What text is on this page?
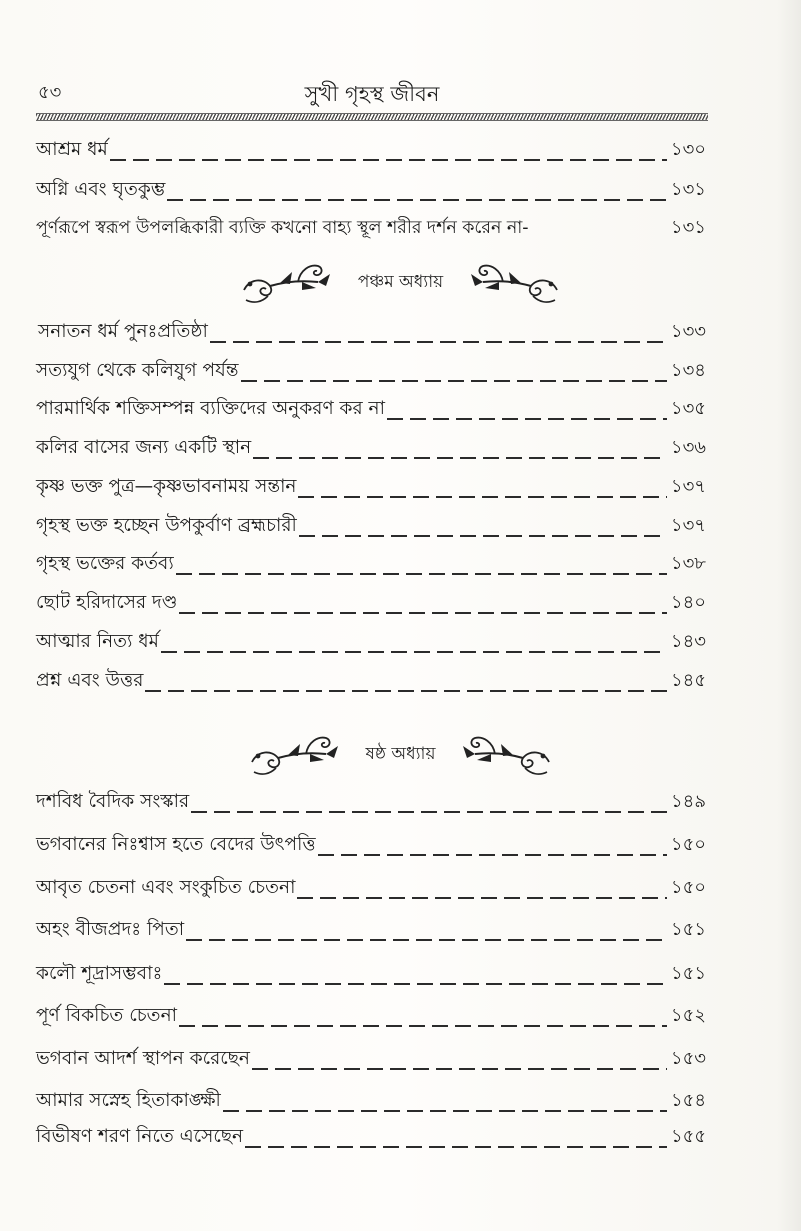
৫৩	সুখী গৃহস্থ জীবন
আশ্রম ধর্ম	১৩০
অগ্নি এবং ঘৃতকুম্ভ	১৩১
পূর্ণরূপে স্বরূপ উপলব্ধিকারী ব্যক্তি কখনো বাহ্য স্থূল শরীর দর্শন করেন না-	১৩১
পঞ্চম অধ্যায়
সনাতন ধর্ম পুনঃপ্রতিষ্ঠা	১৩৩
সত্যযুগ থেকে কলিযুগ পর্যন্ত	১৩৪
পারমার্থিক শক্তিসম্পন্ন ব্যক্তিদের অনুকরণ কর না	১৩৫
কলির বাসের জন্য একটি স্থান	১৩৬
কৃষ্ণ ভক্ত পুত্র—কৃষ্ণভাবনাময় সন্তান	১৩৭
গৃহস্থ ভক্ত হচ্ছেন উপকুর্বাণ ব্রহ্মচারী	১৩৭
গৃহস্থ ভক্তের কর্তব্য	১৩৮
ছোট হরিদাসের দণ্ড	১৪০
আত্মার নিত্য ধর্ম	১৪৩
প্রশ্ন এবং উত্তর	১৪৫
ষষ্ঠ অধ্যায়
দশবিধ বৈদিক সংস্কার	১৪৯
ভগবানের নিঃশ্বাস হতে বেদের উৎপত্তি	১৫০
আবৃত চেতনা এবং সংকুচিত চেতনা	১৫০
অহং বীজপ্রদঃ পিতা	১৫১
কলৌ শূদ্রাসম্ভবাঃ	১৫১
পূর্ণ বিকচিত চেতনা	১৫২
ভগবান আদর্শ স্থাপন করেছেন	১৫৩
আমার সস্নেহ হিতাকাঙ্ক্ষী	১৫৪
বিভীষণ শরণ নিতে এসেছেন	১৫৫
